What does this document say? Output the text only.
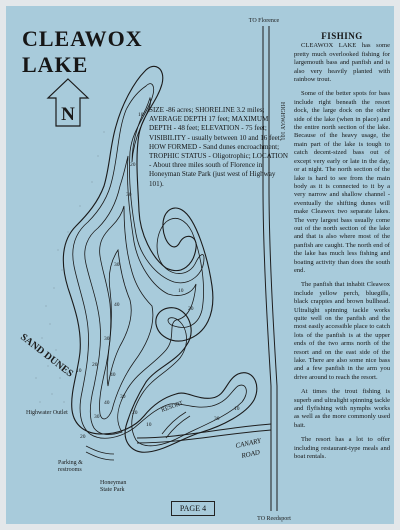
N
TO Florence
HIGHWAY 101
TO Reedsport
CANARY
ROAD
SAND DUNES
Highwater Outlet	RESORT
Parking &
restrooms
Honeyman
State Park
10
20
30
10
20
30
40
10
20
30
40
30
20
10
30
40
30
20
10
CLEAWOX
LAKE

SIZE -86 acres; SHORELINE 3.2 miles; AVERAGE DEPTH 17 feet; MAXIMUM DEPTH - 48 feet; ELEVATION - 75 feet; VISIBILITY - usually between 10 and 16 feet; HOW FORMED - Sand dunes encroachment; TROPHIC STATUS - Oligotrophic; LOCATION - About three miles south of Florence in Honeyman State Park (just west of Highway 101).

FISHING

CLEAWOX LAKE has some pretty much overlooked fishing for largemouth bass and panfish and is also very heavily planted with rainbow trout.

Some of the better spots for bass include right beneath the resort dock, the large dock on the other side of the lake (when in place) and the entire north section of the lake. Because of the heavy usage, the main part of the lake is tough to catch decent-sized bass out of except very early or late in the day, or at night. The north section of the lake is hard to see from the main body as it is connected to it by a very narrow and shallow channel - eventually the shifting dunes will make Cleawox two separate lakes. The very largest bass usually come out of the north section of the lake and that is also where most of the panfish are caught. The north end of the lake has much less fishing and boating activity than does the south end.

The panfish that inhabit Cleawox include yellow perch, bluegills, black crappies and brown bullhead. Ultralight spinning tackle works quite well on the panfish and the most easily accessible place to catch lots of the panfish is at the upper ends of the two arms north of the resort and on the east side of the lake. There are also some nice bass and a few panfish in the arm you drive around to reach the resort.

At times the trout fishing is superb and ultralight spinning tackle and flyfishing with nymphs works as well as the more commonly used bait.

The resort has a lot to offer including restaurant-type meals and boat rentals.

PAGE 4
